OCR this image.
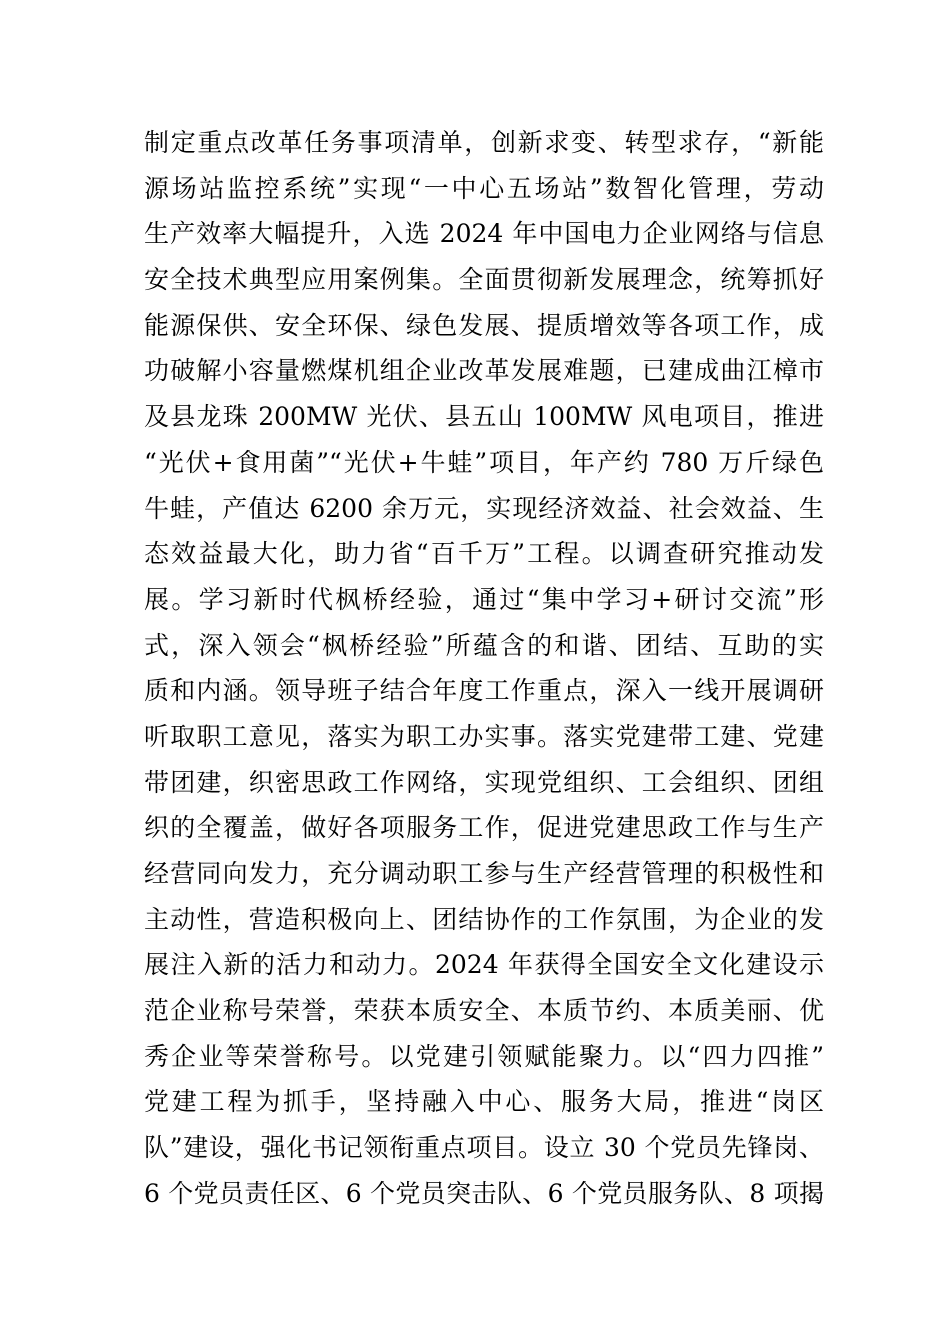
制定重点改革任务事项清单，创新求变、转型求存，“新能
源场站监控系统”实现“一中心五场站”数智化管理，劳动
生产效率大幅提升，入选 2024 年中国电力企业网络与信息
安全技术典型应用案例集。全面贯彻新发展理念，统筹抓好
能源保供、安全环保、绿色发展、提质增效等各项工作，成
功破解小容量燃煤机组企业改革发展难题，已建成曲江樟市
及县龙珠 200MW 光伏、县五山 100MW 风电项目，推进
“光伏+食用菌”“光伏+牛蛙”项目，年产约 780 万斤绿色
牛蛙，产值达 6200 余万元，实现经济效益、社会效益、生
态效益最大化，助力省“百千万”工程。以调查研究推动发
展。学习新时代枫桥经验，通过“集中学习+研讨交流”形
式，深入领会“枫桥经验”所蕴含的和谐、团结、互助的实
质和内涵。领导班子结合年度工作重点，深入一线开展调研
听取职工意见，落实为职工办实事。落实党建带工建、党建
带团建，织密思政工作网络，实现党组织、工会组织、团组
织的全覆盖，做好各项服务工作，促进党建思政工作与生产
经营同向发力，充分调动职工参与生产经营管理的积极性和
主动性，营造积极向上、团结协作的工作氛围，为企业的发
展注入新的活力和动力。2024 年获得全国安全文化建设示
范企业称号荣誉，荣获本质安全、本质节约、本质美丽、优
秀企业等荣誉称号。以党建引领赋能聚力。以“四力四推”
党建工程为抓手，坚持融入中心、服务大局，推进“岗区
队”建设，强化书记领衔重点项目。设立 30 个党员先锋岗、
6 个党员责任区、6 个党员突击队、6 个党员服务队、8 项揭
